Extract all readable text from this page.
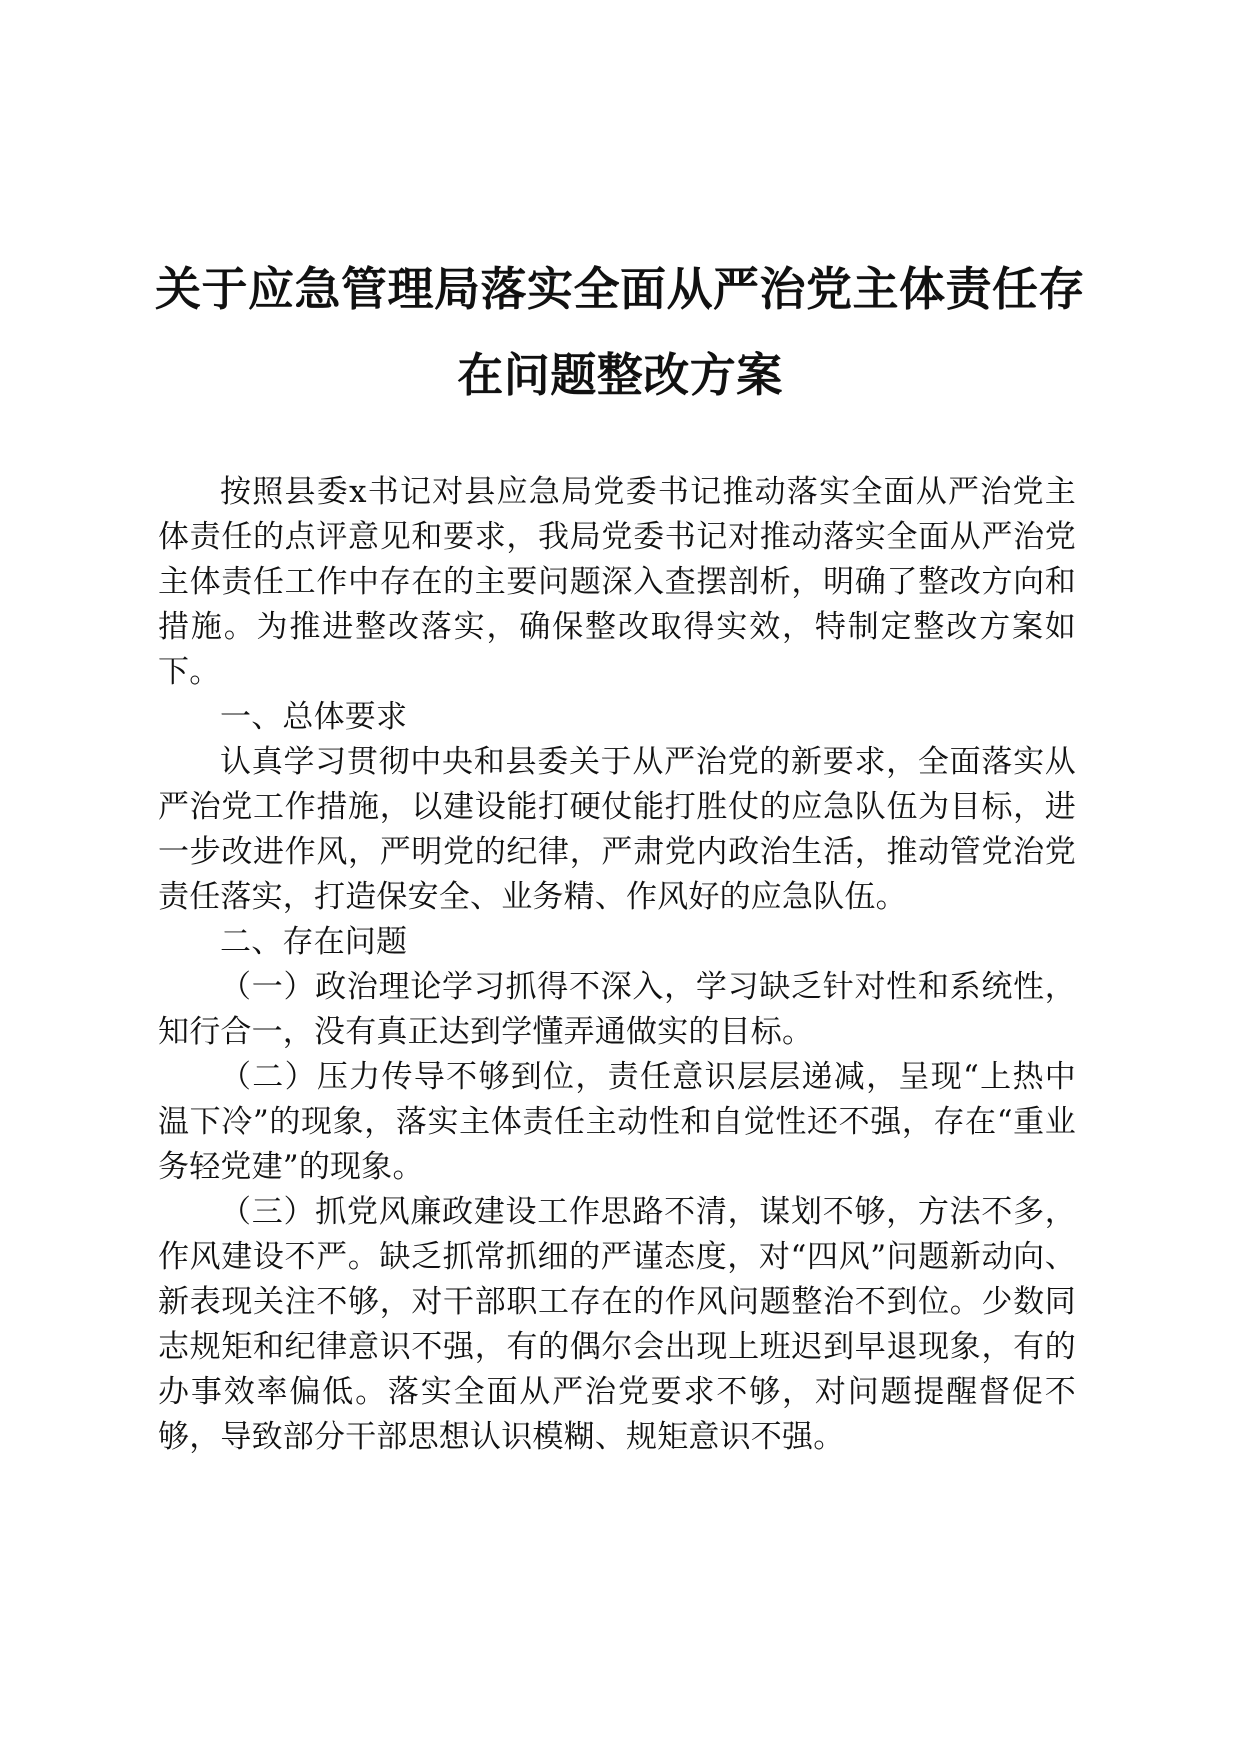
关于应急管理局落实全面从严治党主体责任存
在问题整改方案

按照县委x书记对县应急局党委书记推动落实全面从严治党主体责任的点评意见和要求，我局党委书记对推动落实全面从严治党主体责任工作中存在的主要问题深入查摆剖析，明确了整改方向和措施。为推进整改落实，确保整改取得实效，特制定整改方案如下。

一、总体要求

认真学习贯彻中央和县委关于从严治党的新要求，全面落实从严治党工作措施，以建设能打硬仗能打胜仗的应急队伍为目标，进一步改进作风，严明党的纪律，严肃党内政治生活，推动管党治党责任落实，打造保安全、业务精、作风好的应急队伍。

二、存在问题

（一）政治理论学习抓得不深入，学习缺乏针对性和系统性，知行合一，没有真正达到学懂弄通做实的目标。

（二）压力传导不够到位，责任意识层层递减，呈现“上热中温下冷”的现象，落实主体责任主动性和自觉性还不强，存在“重业务轻党建”的现象。

（三）抓党风廉政建设工作思路不清，谋划不够，方法不多，作风建设不严。缺乏抓常抓细的严谨态度，对“四风”问题新动向、新表现关注不够，对干部职工存在的作风问题整治不到位。少数同志规矩和纪律意识不强，有的偶尔会出现上班迟到早退现象，有的办事效率偏低。落实全面从严治党要求不够，对问题提醒督促不够，导致部分干部思想认识模糊、规矩意识不强。
